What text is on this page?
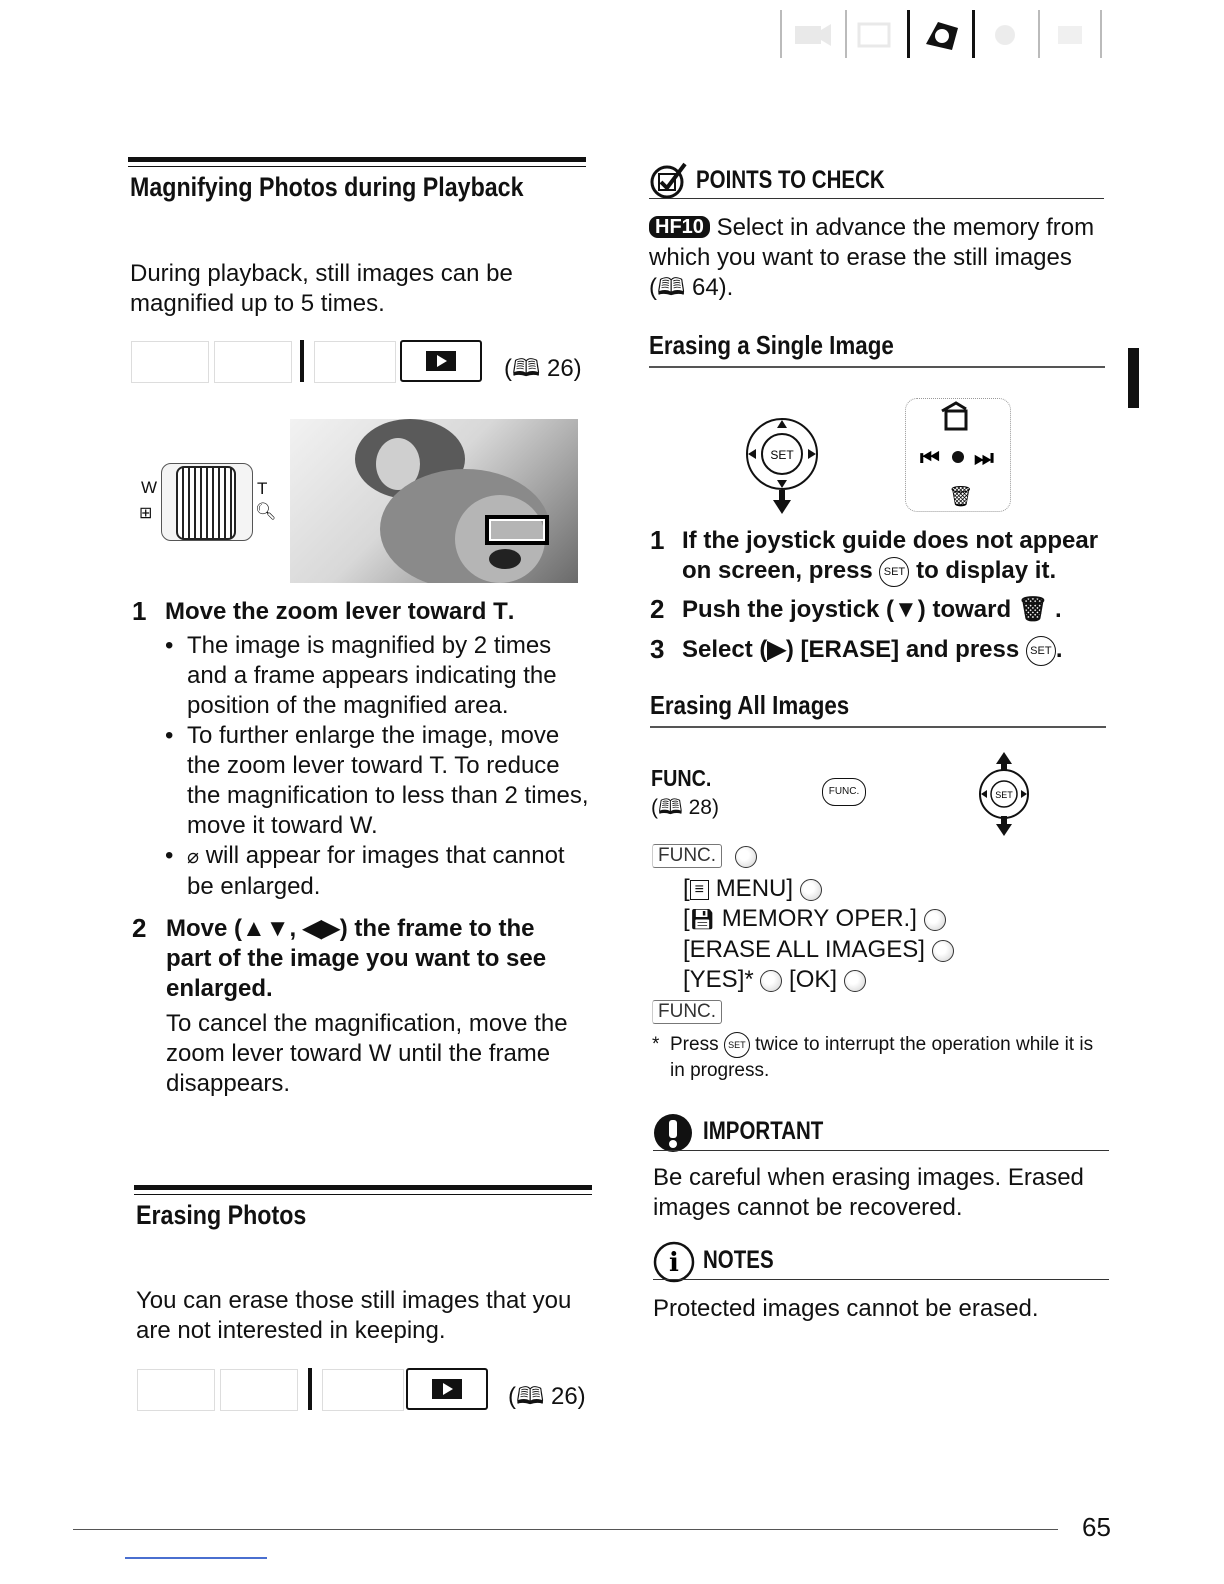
Magnifying Photos during Playback
During playback, still images can be magnified up to 5 times.
(🕮 26)
W
⊞
T
🔍︎
1 Move the zoom lever toward T.
• The image is magnified by 2 times and a frame appears indicating the position of the magnified area.
• To further enlarge the image, move the zoom lever toward T. To reduce the magnification to less than 2 times, move it toward W.
• ⌀ will appear for images that cannot be enlarged.
2 Move (▲▼, ◀▶) the frame to the part of the image you want to see enlarged.
To cancel the magnification, move the zoom lever toward W until the frame disappears.
Erasing Photos
You can erase those still images that you are not interested in keeping.
(🕮 26)
POINTS TO CHECK
HF10 Select in advance the memory from which you want to erase the still images (🕮 64).
Erasing a Single Image
SET	⏮ ⏭
🗑︎
1 If the joystick guide does not appear on screen, press SET to display it.
2 Push the joystick (▼) toward 🗑︎ .
3 Select (▶) [ERASE] and press SET .
Erasing All Images
FUNC.
(🕮 28)
FUNC.	SET
FUNC.
[ ≡ MENU]
[💾︎ MEMORY OPER.]
[ERASE ALL IMAGES]
[YES]* [OK]
FUNC.
* Press SET twice to interrupt the operation while it is in progress.
IMPORTANT
Be careful when erasing images. Erased images cannot be recovered.
i NOTES
Protected images cannot be erased.
65
